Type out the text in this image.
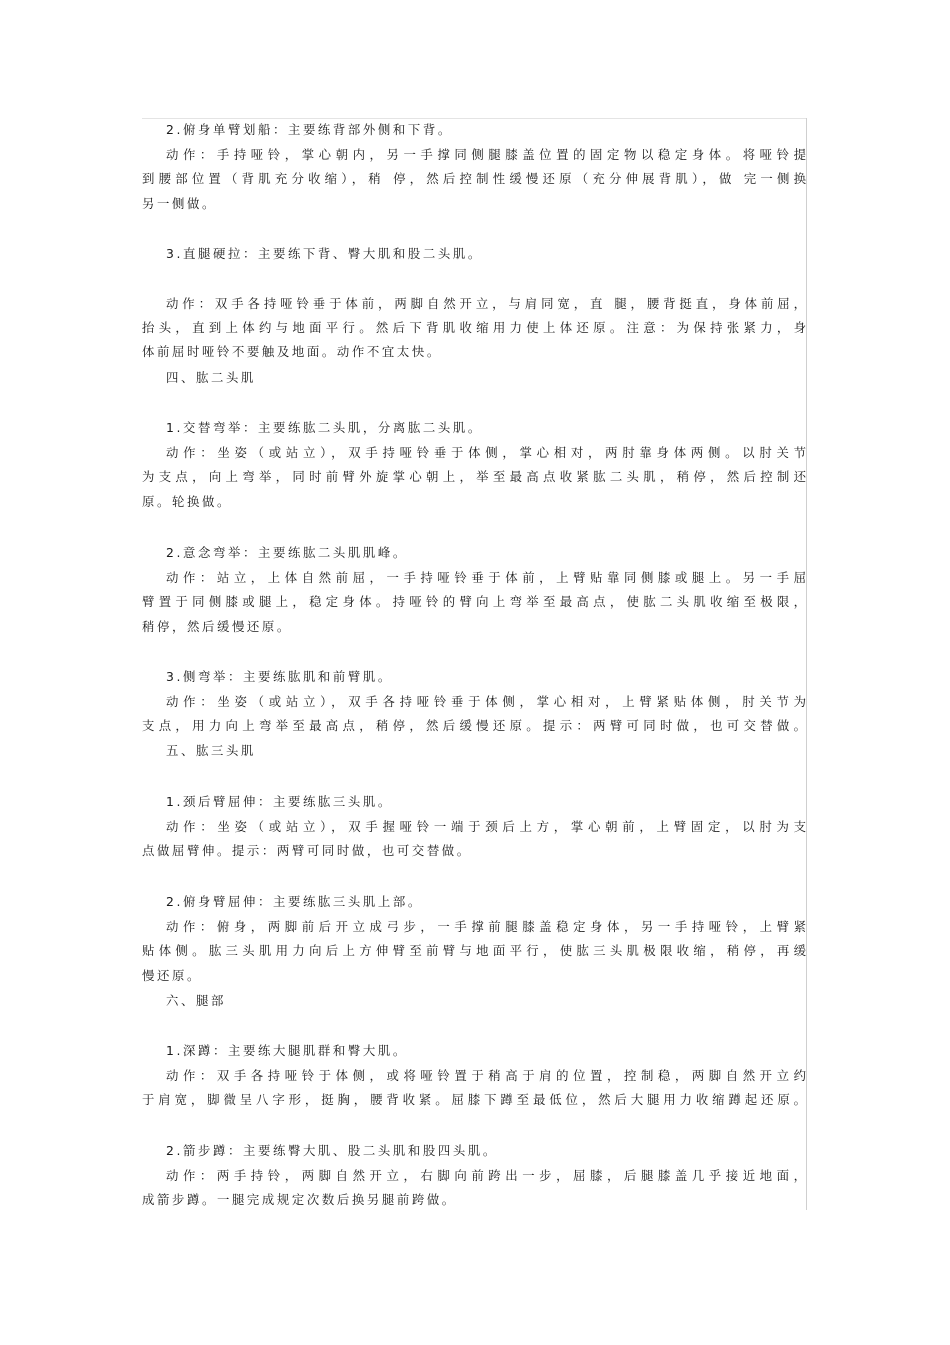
2.俯身单臂划船：主要练背部外侧和下背。
动作：手持哑铃，掌心朝内，另一手撑同侧腿膝盖位置的固定物以稳定身体。将哑铃提
到腰部位置（背肌充分收缩），稍 停，然后控制性缓慢还原（充分伸展背肌），做 完一侧换
另一侧做。
3.直腿硬拉：主要练下背、臀大肌和股二头肌。
动作：双手各持哑铃垂于体前，两脚自然开立，与肩同宽，直 腿，腰背挺直，身体前屈，
抬头，直到上体约与地面平行。然后下背肌收缩用力使上体还原。注意：为保持张紧力，身
体前屈时哑铃不要触及地面。动作不宜太快。
四、肱二头肌
1.交替弯举：主要练肱二头肌，分离肱二头肌。
动作：坐姿（或站立），双手持哑铃垂于体侧，掌心相对，两肘靠身体两侧。以肘关节
为支点，向上弯举，同时前臂外旋掌心朝上，举至最高点收紧肱二头肌，稍停，然后控制还
原。轮换做。
2.意念弯举：主要练肱二头肌肌峰。
动作：站立，上体自然前屈，一手持哑铃垂于体前，上臂贴靠同侧膝或腿上。另一手屈
臂置于同侧膝或腿上，稳定身体。持哑铃的臂向上弯举至最高点，使肱二头肌收缩至极限，
稍停，然后缓慢还原。
3.侧弯举：主要练肱肌和前臂肌。
动作：坐姿（或站立），双手各持哑铃垂于体侧，掌心相对，上臂紧贴体侧，肘关节为
支点，用力向上弯举至最高点，稍停，然后缓慢还原。提示：两臂可同时做，也可交替做。
五、肱三头肌
1.颈后臂屈伸：主要练肱三头肌。
动作：坐姿（或站立），双手握哑铃一端于颈后上方，掌心朝前，上臂固定，以肘为支
点做屈臂伸。提示：两臂可同时做，也可交替做。
2.俯身臂屈伸：主要练肱三头肌上部。
动作：俯身，两脚前后开立成弓步，一手撑前腿膝盖稳定身体，另一手持哑铃，上臂紧
贴体侧。肱三头肌用力向后上方伸臂至前臂与地面平行，使肱三头肌极限收缩，稍停，再缓
慢还原。
六、腿部
1.深蹲：主要练大腿肌群和臀大肌。
动作：双手各持哑铃于体侧，或将哑铃置于稍高于肩的位置，控制稳，两脚自然开立约
于肩宽，脚微呈八字形，挺胸，腰背收紧。屈膝下蹲至最低位，然后大腿用力收缩蹲起还原。
2.箭步蹲：主要练臀大肌、股二头肌和股四头肌。
动作：两手持铃，两脚自然开立，右脚向前跨出一步，屈膝，后腿膝盖几乎接近地面，
成箭步蹲。一腿完成规定次数后换另腿前跨做。
